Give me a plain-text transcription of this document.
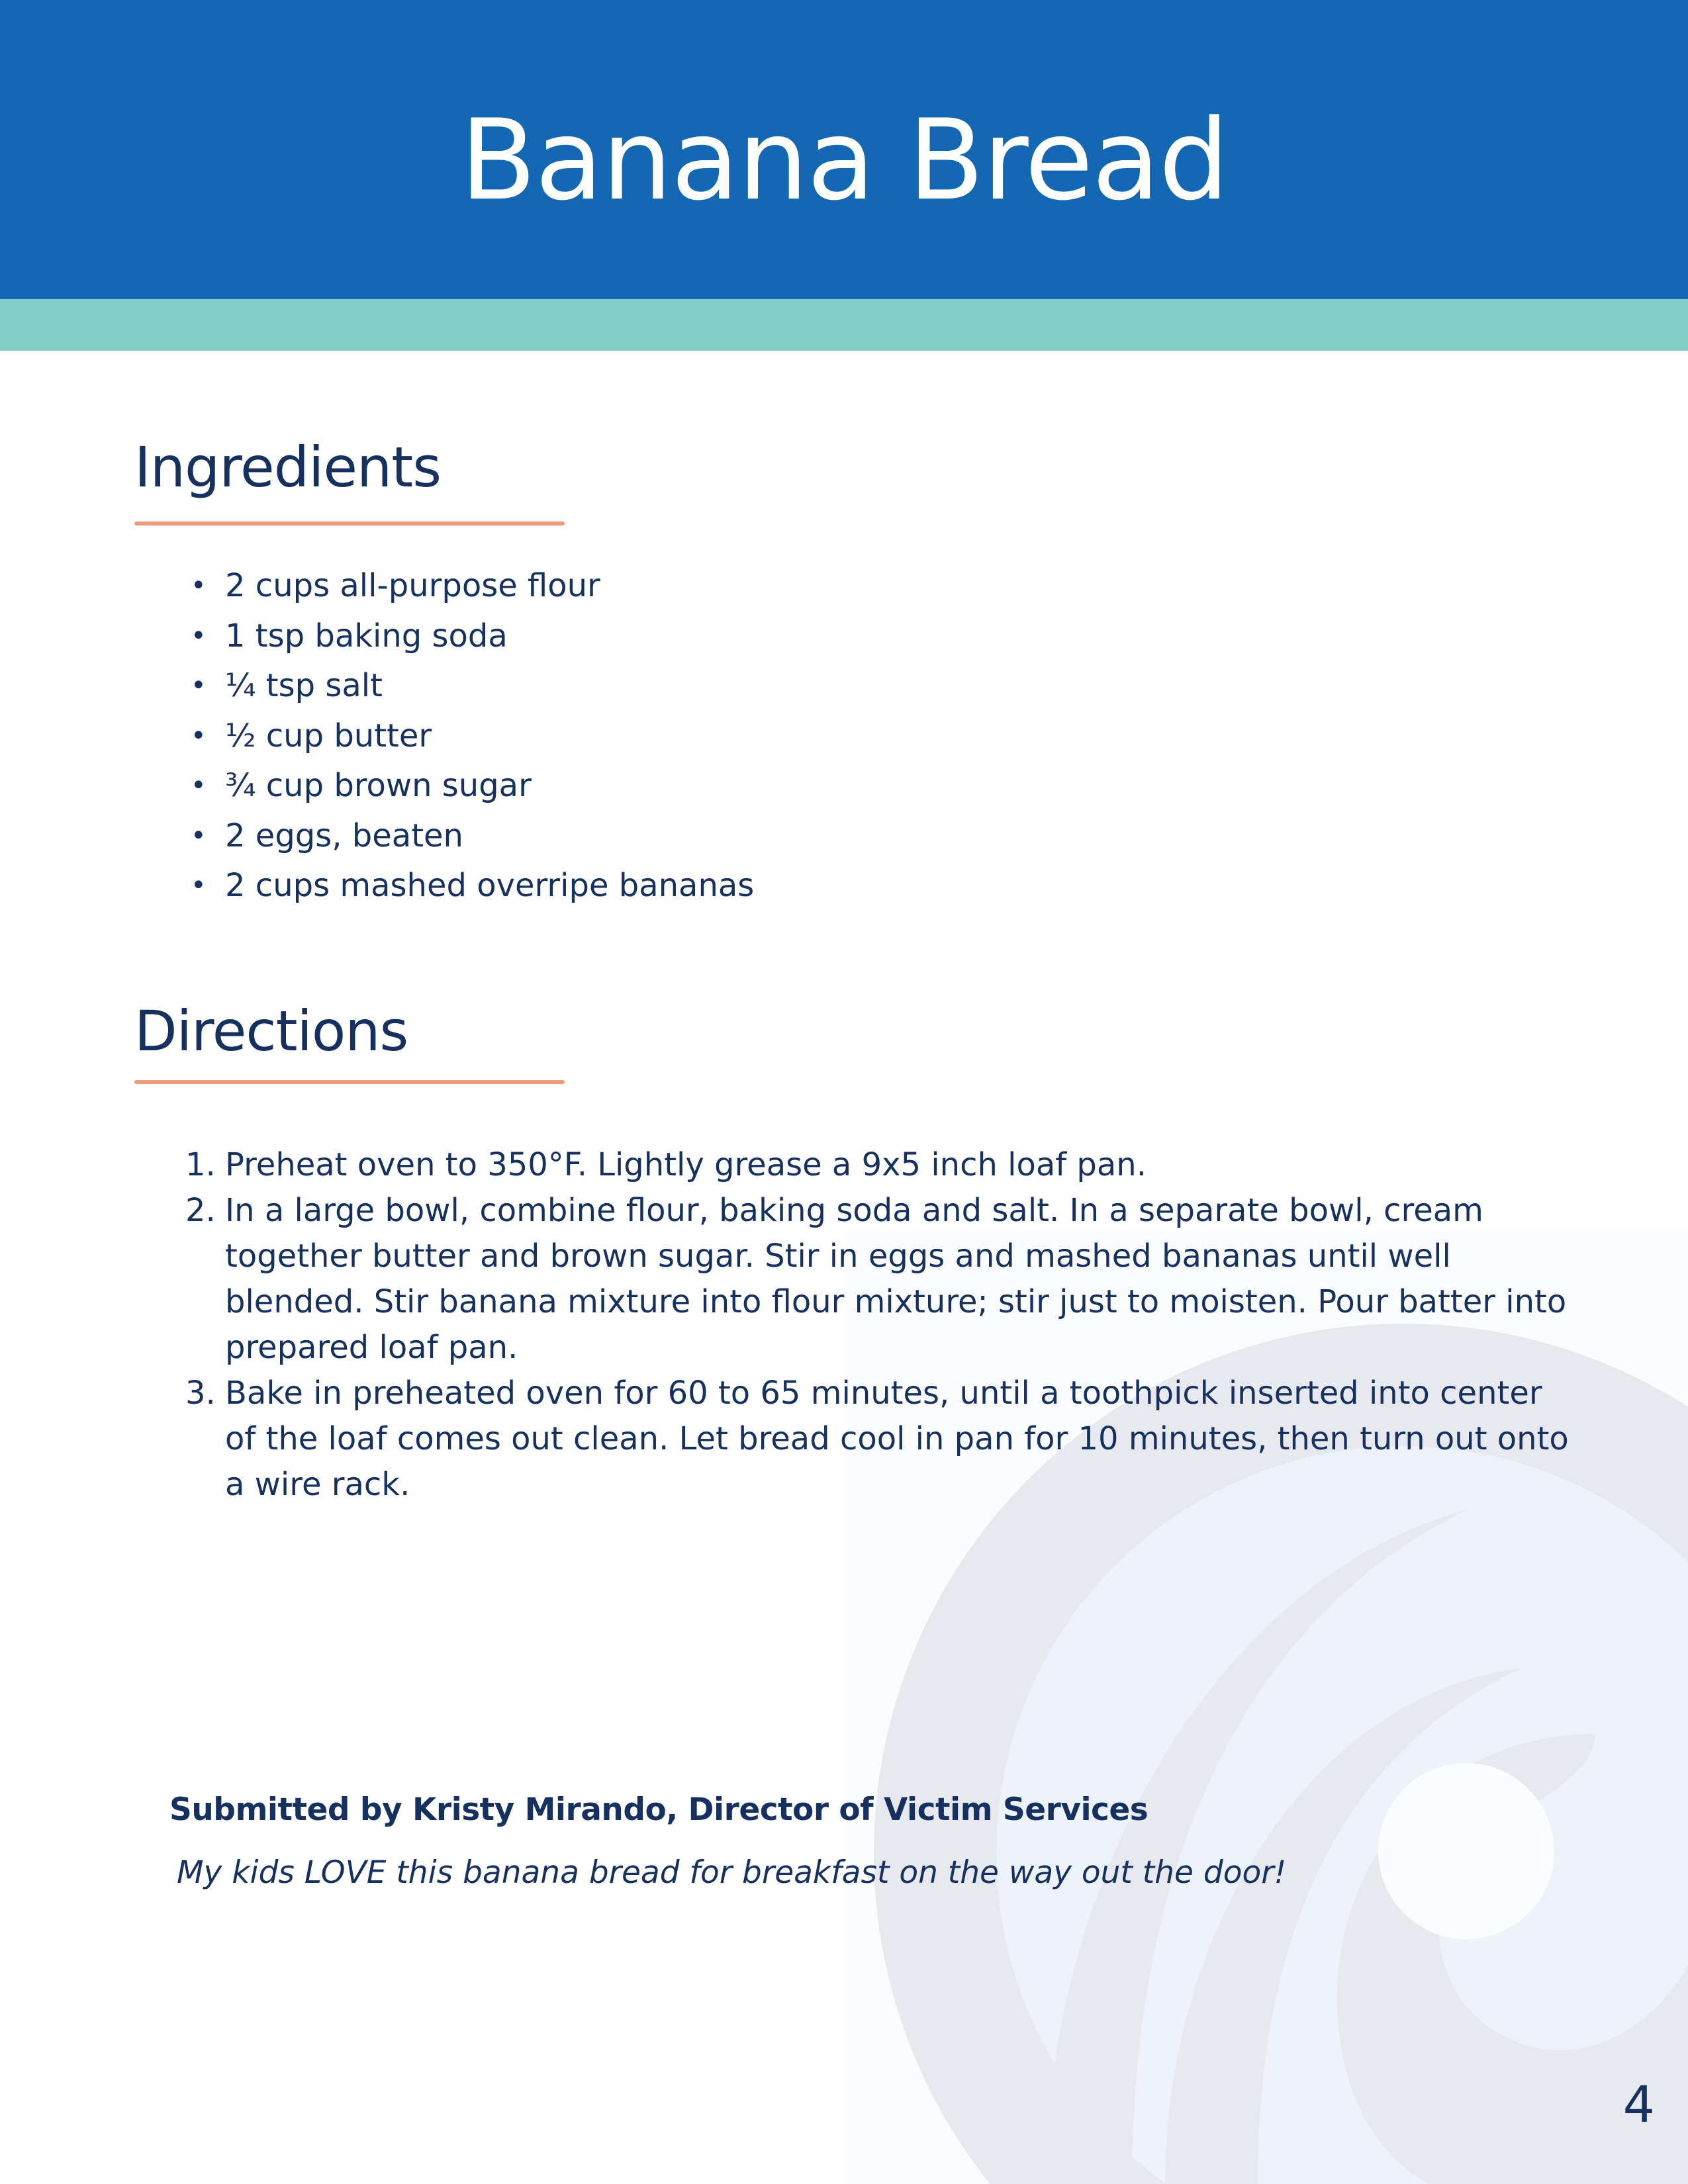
Banana Bread
Ingredients
• 2 cups all-purpose flour
• 1 tsp baking soda
• ¼ tsp salt
• ½ cup butter
• ¾ cup brown sugar
• 2 eggs, beaten
• 2 cups mashed overripe bananas
Directions
1. Preheat oven to 350°F. Lightly grease a 9x5 inch loaf pan.
2. In a large bowl, combine flour, baking soda and salt. In a separate bowl, cream together butter and brown sugar. Stir in eggs and mashed bananas until well blended. Stir banana mixture into flour mixture; stir just to moisten. Pour batter into prepared loaf pan.
3. Bake in preheated oven for 60 to 65 minutes, until a toothpick inserted into center of the loaf comes out clean. Let bread cool in pan for 10 minutes, then turn out onto a wire rack.
Submitted by Kristy Mirando, Director of Victim Services
My kids LOVE this banana bread for breakfast on the way out the door!
4
